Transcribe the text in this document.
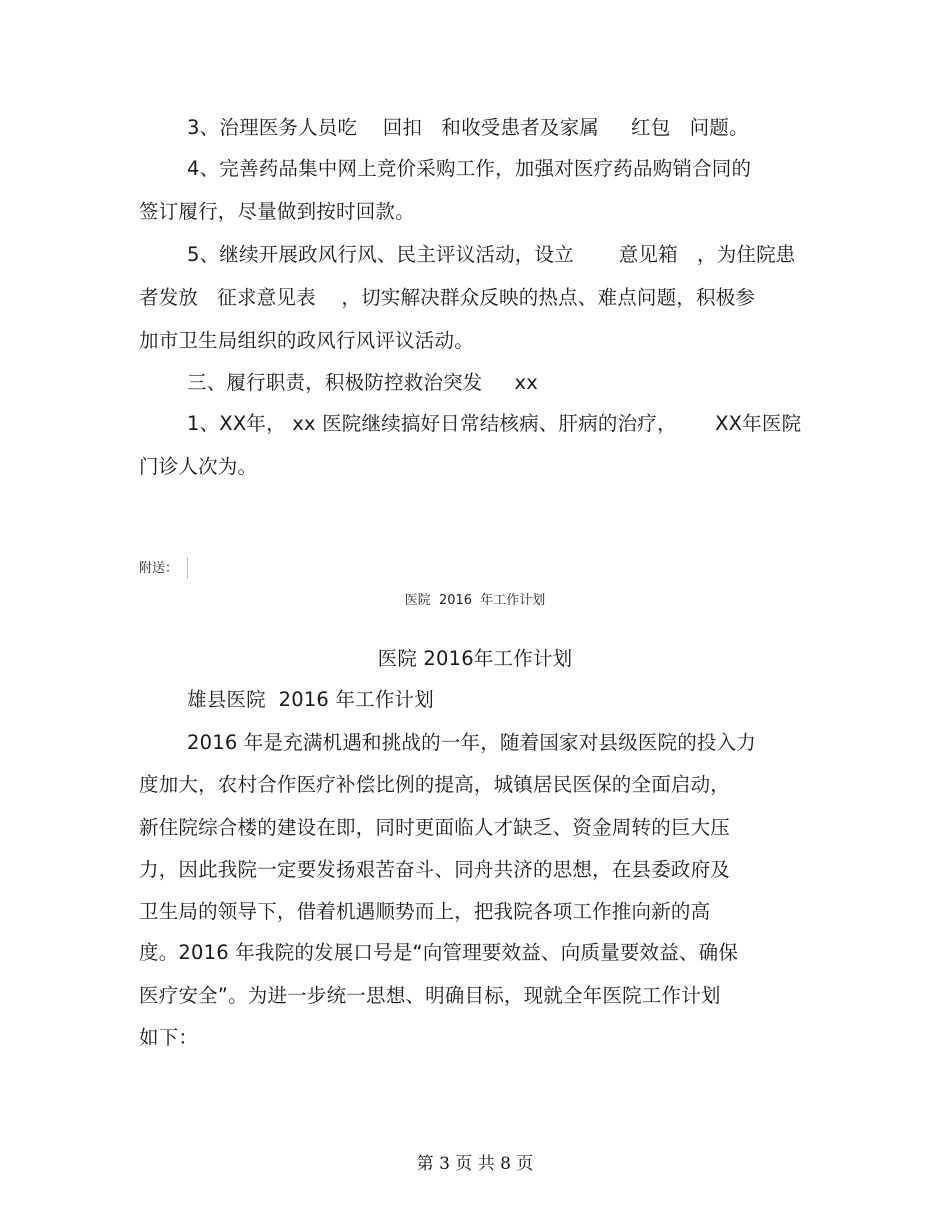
3、治理医务人员吃    回扣   和收受患者及家属     红包   问题。
4、完善药品集中网上竞价采购工作，加强对医疗药品购销合同的
签订履行，尽量做到按时回款。
5、继续开展政风行风、民主评议活动，设立       意见箱   ，为住院患
者发放   征求意见表    ，切实解决群众反映的热点、难点问题，积极参
加市卫生局组织的政风行风评议活动。
三、履行职责，积极防控救治突发     xx
1、XX年， xx 医院继续搞好日常结核病、肝病的治疗，      XX年医院
门诊人次为。
附送：
医院  2016  年工作计划
医院 2016年工作计划
雄县医院  2016 年工作计划
2016 年是充满机遇和挑战的一年，随着国家对县级医院的投入力
度加大，农村合作医疗补偿比例的提高，城镇居民医保的全面启动，
新住院综合楼的建设在即，同时更面临人才缺乏、资金周转的巨大压
力，因此我院一定要发扬艰苦奋斗、同舟共济的思想，在县委政府及
卫生局的领导下，借着机遇顺势而上，把我院各项工作推向新的高
度。2016 年我院的发展口号是“向管理要效益、向质量要效益、确保
医疗安全”。为进一步统一思想、明确目标，现就全年医院工作计划
如下：
第 3 页 共 8 页
